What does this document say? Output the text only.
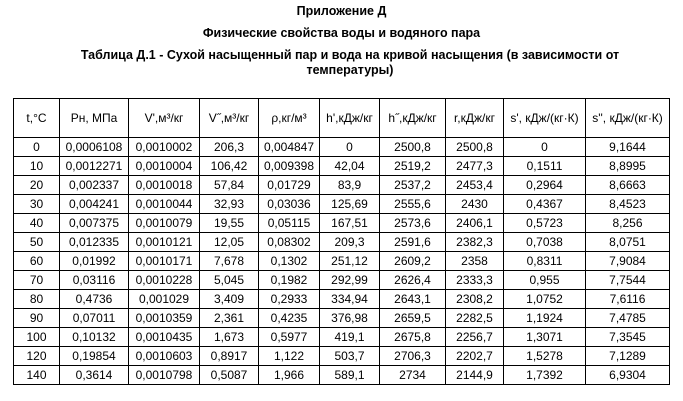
Приложение Д
Физические свойства воды и водяного пара
Таблица Д.1 - Сухой насыщенный пар и вода на кривой насыщения (в зависимости от температуры)
t,°С	Рн, МПа	V',м³/кг	V˝,м³/кг	ρ,кг/м³	h',кДж/кг	h˝,кДж/кг	r,кДж/кг	s', кДж/(кг·К)	s'', кДж/(кг·К)
0	0,0006108	0,0010002	206,3	0,004847	0	2500,8	2500,8	0	9,1644
10	0,0012271	0,0010004	106,42	0,009398	42,04	2519,2	2477,3	0,1511	8,8995
20	0,002337	0,0010018	57,84	0,01729	83,9	2537,2	2453,4	0,2964	8,6663
30	0,004241	0,0010044	32,93	0,03036	125,69	2555,6	2430	0,4367	8,4523
40	0,007375	0,0010079	19,55	0,05115	167,51	2573,6	2406,1	0,5723	8,256
50	0,012335	0,0010121	12,05	0,08302	209,3	2591,6	2382,3	0,7038	8,0751
60	0,01992	0,0010171	7,678	0,1302	251,12	2609,2	2358	0,8311	7,9084
70	0,03116	0,0010228	5,045	0,1982	292,99	2626,4	2333,3	0,955	7,7544
80	0,4736	0,001029	3,409	0,2933	334,94	2643,1	2308,2	1,0752	7,6116
90	0,07011	0,0010359	2,361	0,4235	376,98	2659,5	2282,5	1,1924	7,4785
100	0,10132	0,0010435	1,673	0,5977	419,1	2675,8	2256,7	1,3071	7,3545
120	0,19854	0,0010603	0,8917	1,122	503,7	2706,3	2202,7	1,5278	7,1289
140	0,3614	0,0010798	0,5087	1,966	589,1	2734	2144,9	1,7392	6,9304
